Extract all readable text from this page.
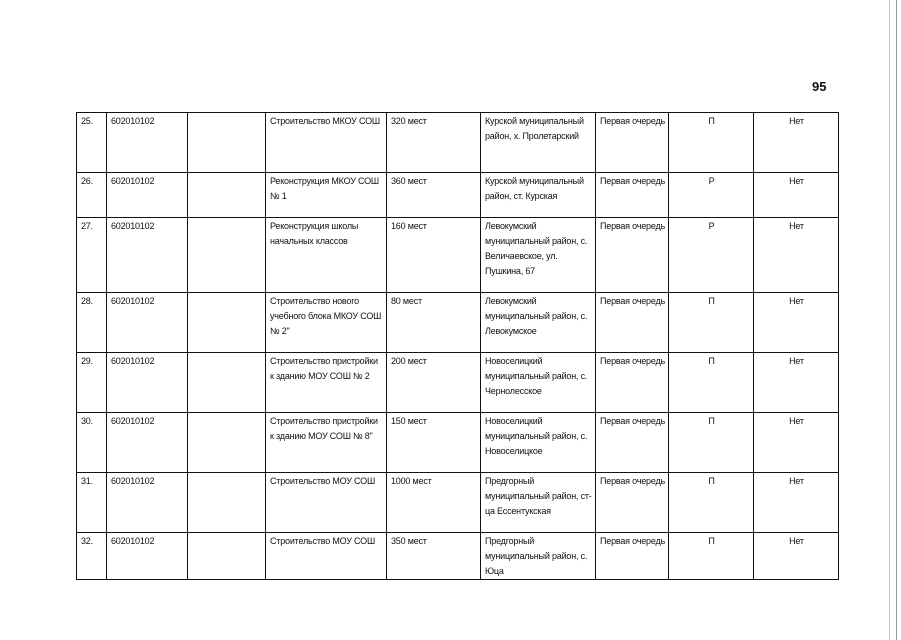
95
25.	602010102		Строительство МКОУ СОШ	320 мест	Курской муниципальный район, х. Пролетарский	Первая очередь	П	Нет
26.	602010102		Реконструкция МКОУ СОШ № 1	360 мест	Курской муниципальный район, ст. Курская	Первая очередь	Р	Нет
27.	602010102		Реконструкция школы начальных классов	160 мест	Левокумский муниципальный район, с. Величаевское, ул. Пушкина, 67	Первая очередь	Р	Нет
28.	602010102		Строительство нового учебного блока МКОУ СОШ № 2"	80 мест	Левокумский муниципальный район, с. Левокумское	Первая очередь	П	Нет
29.	602010102		Строительство пристройки к зданию МОУ СОШ № 2	200 мест	Новоселицкий муниципальный район, с. Чернолесское	Первая очередь	П	Нет
30.	602010102		Строительство пристройки к зданию МОУ СОШ № 8"	150 мест	Новоселицкий муниципальный район, с. Новоселицкое	Первая очередь	П	Нет
31.	602010102		Строительство МОУ СОШ	1000 мест	Предгорный муниципальный район, ст-ца Ессентукская	Первая очередь	П	Нет
32.	602010102		Строительство МОУ СОШ	350 мест	Предгорный муниципальный район, с. Юца	Первая очередь	П	Нет
